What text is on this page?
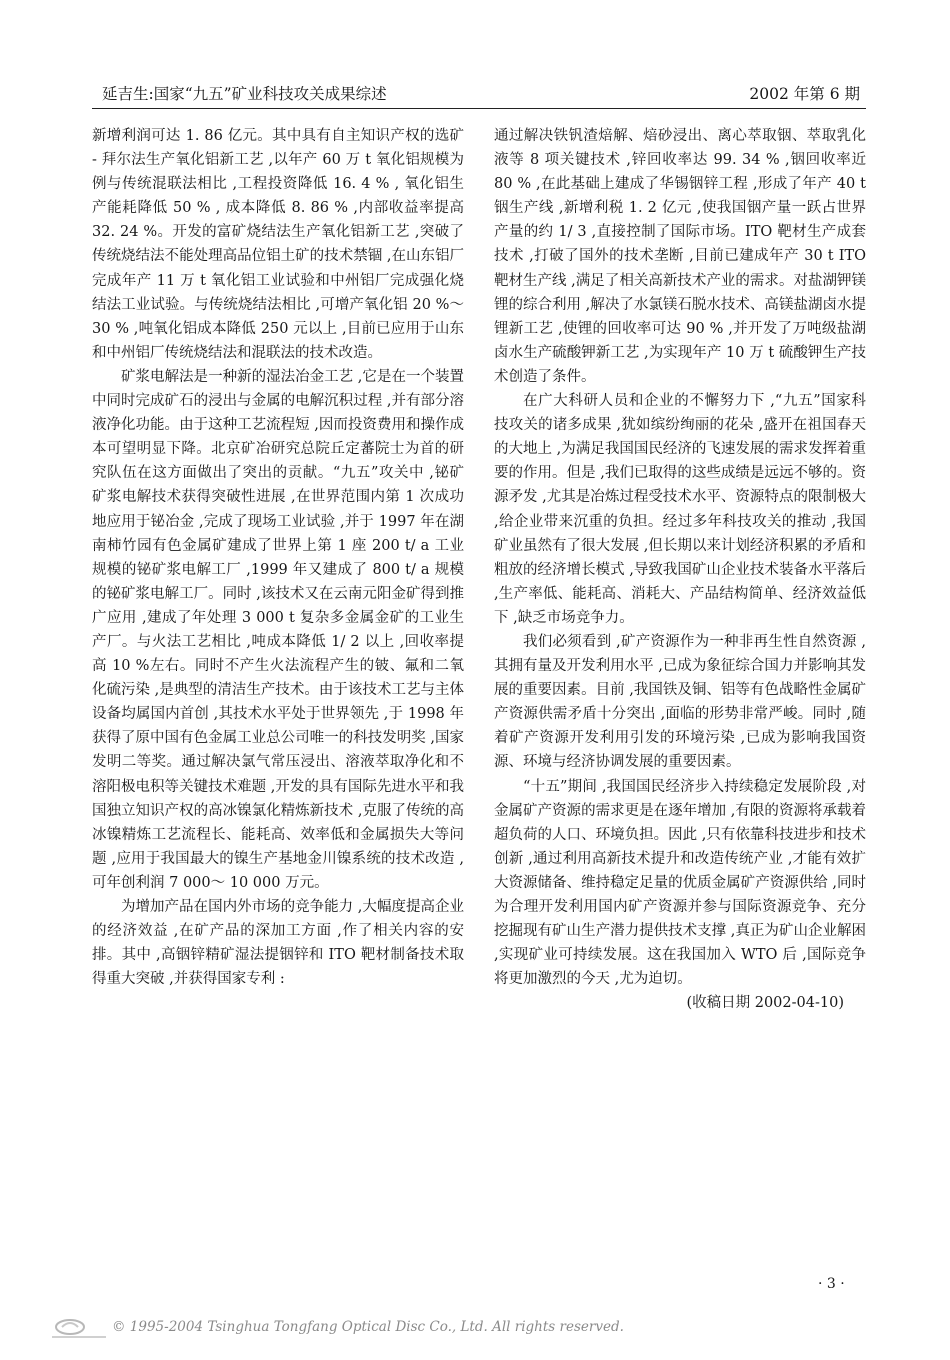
延吉生:国家“九五”矿业科技攻关成果综述	2002 年第 6 期

新增利润可达 1. 86 亿元。其中具有自主知识产权的选矿 - 拜尔法生产氧化铝新工艺 ,以年产 60 万 t 氧化铝规模为例与传统混联法相比 ,工程投资降低 16. 4 % , 氧化铝生产能耗降低 50 % , 成本降低 8. 86 % ,内部收益率提高 32. 24 %。开发的富矿烧结法生产氧化铝新工艺 ,突破了传统烧结法不能处理高品位铝土矿的技术禁锢 ,在山东铝厂完成年产 11 万 t 氧化铝工业试验和中州铝厂完成强化烧结法工业试验。与传统烧结法相比 ,可增产氧化铝 20 %～ 30 % ,吨氧化铝成本降低 250 元以上 ,目前已应用于山东和中州铝厂传统烧结法和混联法的技术改造。

矿浆电解法是一种新的湿法冶金工艺 ,它是在一个装置中同时完成矿石的浸出与金属的电解沉积过程 ,并有部分溶液净化功能。由于这种工艺流程短 ,因而投资费用和操作成本可望明显下降。北京矿冶研究总院丘定蕃院士为首的研究队伍在这方面做出了突出的贡献。“九五”攻关中 ,铋矿矿浆电解技术获得突破性进展 ,在世界范围内第 1 次成功地应用于铋冶金 ,完成了现场工业试验 ,并于 1997 年在湖南柿竹园有色金属矿建成了世界上第 1 座 200 t/ a 工业规模的铋矿浆电解工厂 ,1999 年又建成了 800 t/ a 规模的铋矿浆电解工厂。同时 ,该技术又在云南元阳金矿得到推广应用 ,建成了年处理 3 000 t 复杂多金属金矿的工业生产厂。与火法工艺相比 ,吨成本降低 1/ 2 以上 ,回收率提高 10 %左右。同时不产生火法流程产生的铍、氟和二氧化硫污染 ,是典型的清洁生产技术。由于该技术工艺与主体设备均属国内首创 ,其技术水平处于世界领先 ,于 1998 年获得了原中国有色金属工业总公司唯一的科技发明奖 ,国家发明二等奖。通过解决氯气常压浸出、溶液萃取净化和不溶阳极电积等关键技术难题 ,开发的具有国际先进水平和我国独立知识产权的高冰镍氯化精炼新技术 ,克服了传统的高冰镍精炼工艺流程长、能耗高、效率低和金属损失大等问题 ,应用于我国最大的镍生产基地金川镍系统的技术改造 ,可年创利润 7 000～ 10 000 万元。

为增加产品在国内外市场的竞争能力 ,大幅度提高企业的经济效益 ,在矿产品的深加工方面 ,作了相关内容的安排。其中 ,高铟锌精矿湿法提铟锌和 ITO 靶材制备技术取得重大突破 ,并获得国家专利 :

通过解决铁钒渣焙解、焙砂浸出、离心萃取铟、萃取乳化液等 8 项关键技术 ,锌回收率达 99. 34 % ,铟回收率近 80 % ,在此基础上建成了华锡铟锌工程 ,形成了年产 40 t 铟生产线 ,新增利税 1. 2 亿元 ,使我国铟产量一跃占世界产量的约 1/ 3 ,直接控制了国际市场。ITO 靶材生产成套技术 ,打破了国外的技术垄断 ,目前已建成年产 30 t ITO 靶材生产线 ,满足了相关高新技术产业的需求。对盐湖钾镁锂的综合利用 ,解决了水氯镁石脱水技术、高镁盐湖卤水提锂新工艺 ,使锂的回收率可达 90 % ,并开发了万吨级盐湖卤水生产硫酸钾新工艺 ,为实现年产 10 万 t 硫酸钾生产技术创造了条件。

在广大科研人员和企业的不懈努力下 ,“九五”国家科技攻关的诸多成果 ,犹如缤纷绚丽的花朵 ,盛开在祖国春天的大地上 ,为满足我国国民经济的飞速发展的需求发挥着重要的作用。但是 ,我们已取得的这些成绩是远远不够的。资源矛发 ,尤其是冶炼过程受技术水平、资源特点的限制极大 ,给企业带来沉重的负担。经过多年科技攻关的推动 ,我国矿业虽然有了很大发展 ,但长期以来计划经济积累的矛盾和粗放的经济增长模式 ,导致我国矿山企业技术装备水平落后 ,生产率低、能耗高、消耗大、产品结构简单、经济效益低下 ,缺乏市场竞争力。

我们必须看到 ,矿产资源作为一种非再生性自然资源 ,其拥有量及开发利用水平 ,已成为象征综合国力并影响其发展的重要因素。目前 ,我国铁及铜、铝等有色战略性金属矿产资源供需矛盾十分突出 ,面临的形势非常严峻。同时 ,随着矿产资源开发利用引发的环境污染 ,已成为影响我国资源、环境与经济协调发展的重要因素。

“十五”期间 ,我国国民经济步入持续稳定发展阶段 ,对金属矿产资源的需求更是在逐年增加 ,有限的资源将承载着超负荷的人口、环境负担。因此 ,只有依靠科技进步和技术创新 ,通过利用高新技术提升和改造传统产业 ,才能有效扩大资源储备、维持稳定足量的优质金属矿产资源供给 ,同时为合理开发利用国内矿产资源并参与国际资源竞争、充分挖掘现有矿山生产潜力提供技术支撑 ,真正为矿山企业解困 ,实现矿业可持续发展。这在我国加入 WTO 后 ,国际竞争将更加激烈的今天 ,尤为迫切。

(收稿日期 2002-04-10)

· 3 ·
© 1995-2004 Tsinghua Tongfang Optical Disc Co., Ltd. All rights reserved.
